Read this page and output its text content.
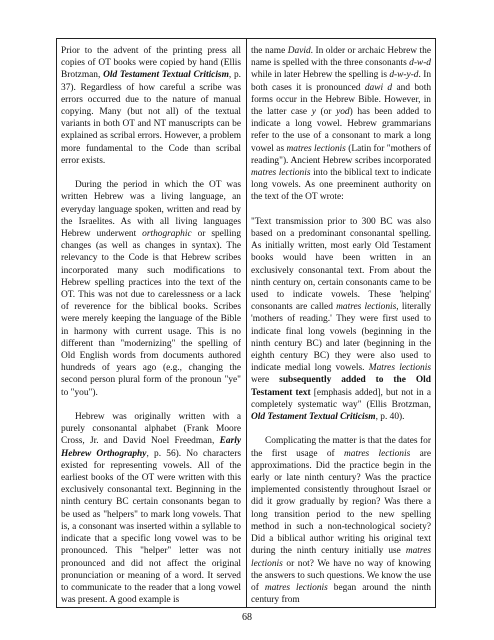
Prior to the advent of the printing press all copies of OT books were copied by hand (Ellis Brotzman, Old Testament Textual Criticism, p. 37). Regardless of how careful a scribe was errors occurred due to the nature of manual copying. Many (but not all) of the textual variants in both OT and NT manuscripts can be explained as scribal errors. However, a problem more fundamental to the Code than scribal error exists.

During the period in which the OT was written Hebrew was a living language, an everyday language spoken, written and read by the Israelites. As with all living languages Hebrew underwent orthographic or spelling changes (as well as changes in syntax). The relevancy to the Code is that Hebrew scribes incorporated many such modifications to Hebrew spelling practices into the text of the OT. This was not due to carelessness or a lack of reverence for the biblical books. Scribes were merely keeping the language of the Bible in harmony with current usage. This is no different than "modernizing" the spelling of Old English words from documents authored hundreds of years ago (e.g., changing the second person plural form of the pronoun "ye" to "you").

Hebrew was originally written with a purely consonantal alphabet (Frank Moore Cross, Jr. and David Noel Freedman, Early Hebrew Orthography, p. 56). No characters existed for representing vowels. All of the earliest books of the OT were written with this exclusively consonantal text. Beginning in the ninth century BC certain consonants began to be used as "helpers" to mark long vowels. That is, a consonant was inserted within a syllable to indicate that a specific long vowel was to be pronounced. This "helper" letter was not pronounced and did not affect the original pronunciation or meaning of a word. It served to communicate to the reader that a long vowel was present. A good example is

the name David. In older or archaic Hebrew the name is spelled with the three consonants d-w-d while in later Hebrew the spelling is d-w-y-d. In both cases it is pronounced dawi d and both forms occur in the Hebrew Bible. However, in the latter case y (or yod) has been added to indicate a long vowel. Hebrew grammarians refer to the use of a consonant to mark a long vowel as matres lectionis (Latin for "mothers of reading"). Ancient Hebrew scribes incorporated matres lectionis into the biblical text to indicate long vowels. As one preeminent authority on the text of the OT wrote:

"Text transmission prior to 300 BC was also based on a predominant consonantal spelling. As initially written, most early Old Testament books would have been written in an exclusively consonantal text. From about the ninth century on, certain consonants came to be used to indicate vowels. These 'helping' consonants are called matres lectionis, literally 'mothers of reading.' They were first used to indicate final long vowels (beginning in the ninth century BC) and later (beginning in the eighth century BC) they were also used to indicate medial long vowels. Matres lectionis were subsequently added to the Old Testament text [emphasis added], but not in a completely systematic way" (Ellis Brotzman, Old Testament Textual Criticism, p. 40).

Complicating the matter is that the dates for the first usage of matres lectionis are approximations. Did the practice begin in the early or late ninth century? Was the practice implemented consistently throughout Israel or did it grow gradually by region? Was there a long transition period to the new spelling method in such a non-technological society? Did a biblical author writing his original text during the ninth century initially use matres lectionis or not? We have no way of knowing the answers to such questions. We know the use of matres lectionis began around the ninth century from

68
